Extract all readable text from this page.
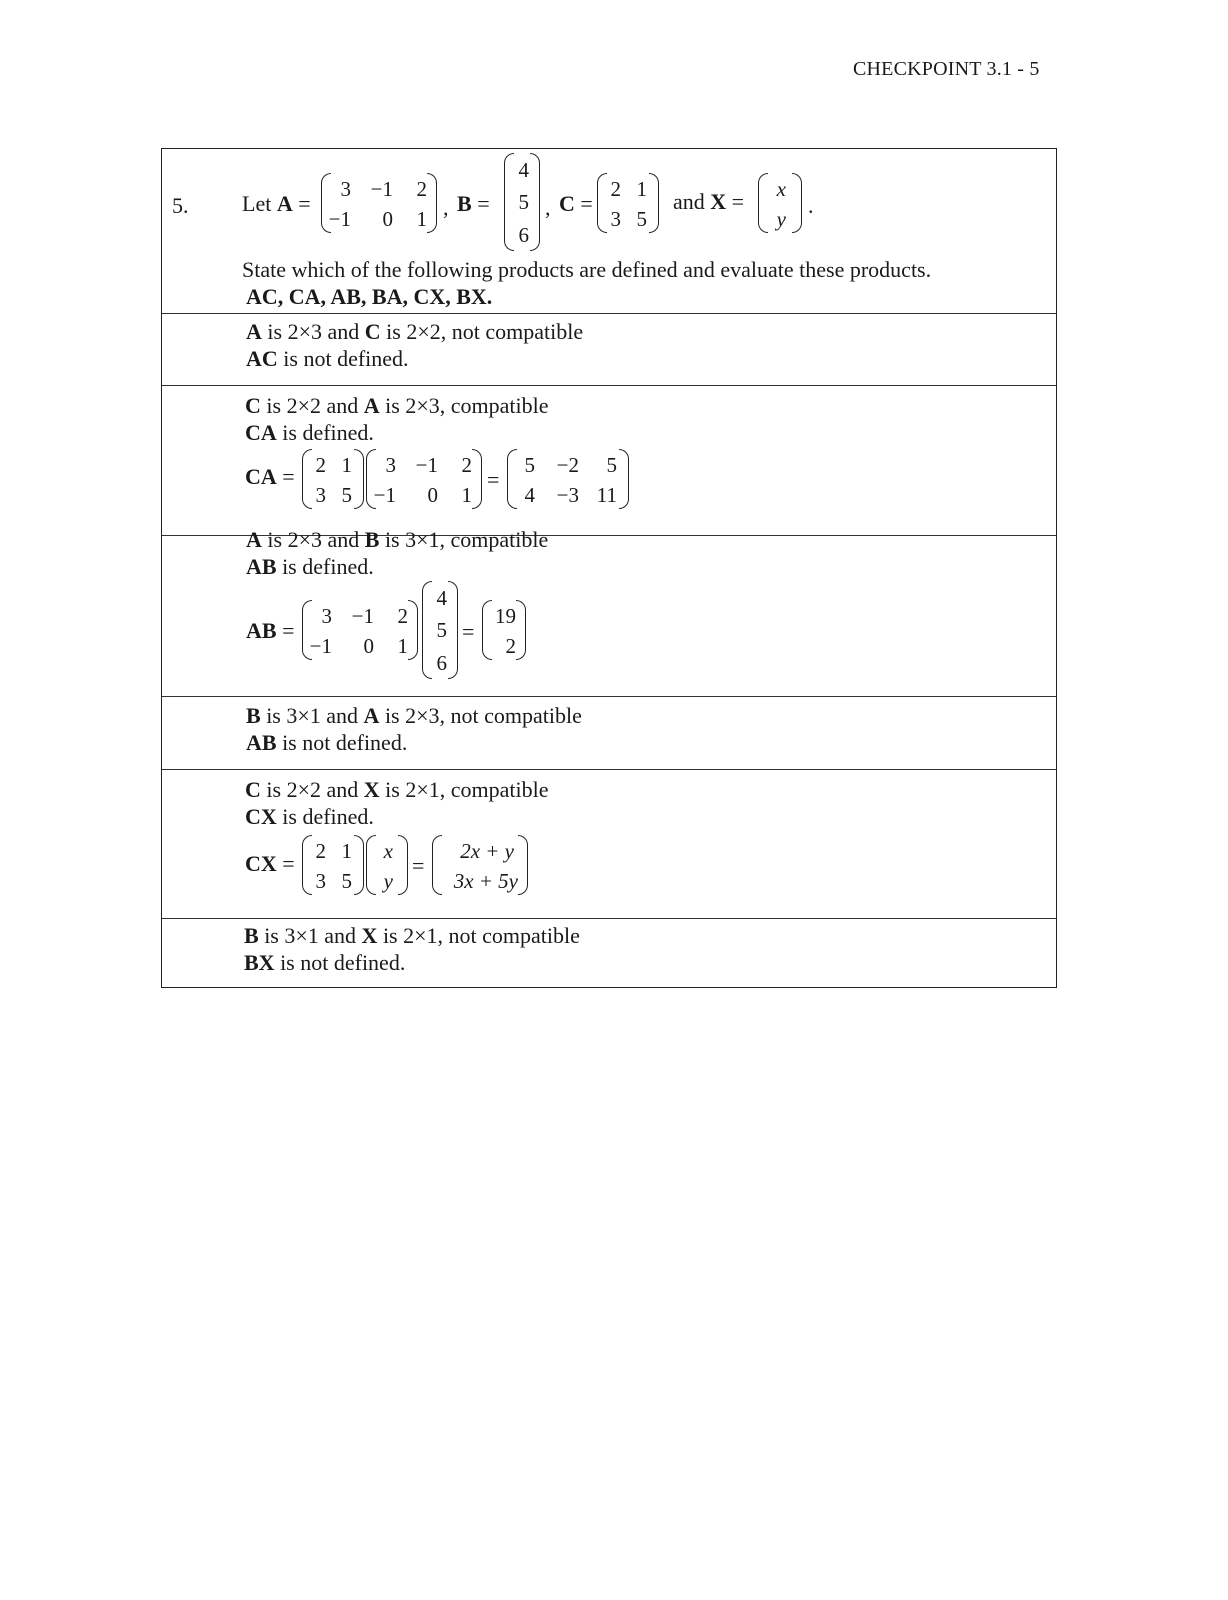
CHECKPOINT 3.1 - 5
5. Let A =
3 −1 2
−1 0 1 , B =
4
5
6
, C =
2 1
3 5
and X = x
y
.
State which of the following products are defined and evaluate these products.
AC, CA, AB, BA, CX, BX.
A is 2×3 and C is 2×2, not compatible
AC is not defined.
C is 2×2 and A is 2×3, compatible
CA is defined.
CA = 2 1
3 5
3 −1 2
−1 0 1
=
5 −2 5
4 −3 11
A is 2×3 and B is 3×1, compatible
AB is defined.
AB =
3 −1 2
−1 0 1
4
5
6
=
19
2
B is 3×1 and A is 2×3, not compatible
AB is not defined.
C is 2×2 and X is 2×1, compatible
CX is defined.
CX = 2 1
3 5
x
y
=
2x + y
3x + 5y
B is 3×1 and X is 2×1, not compatible
BX is not defined.
